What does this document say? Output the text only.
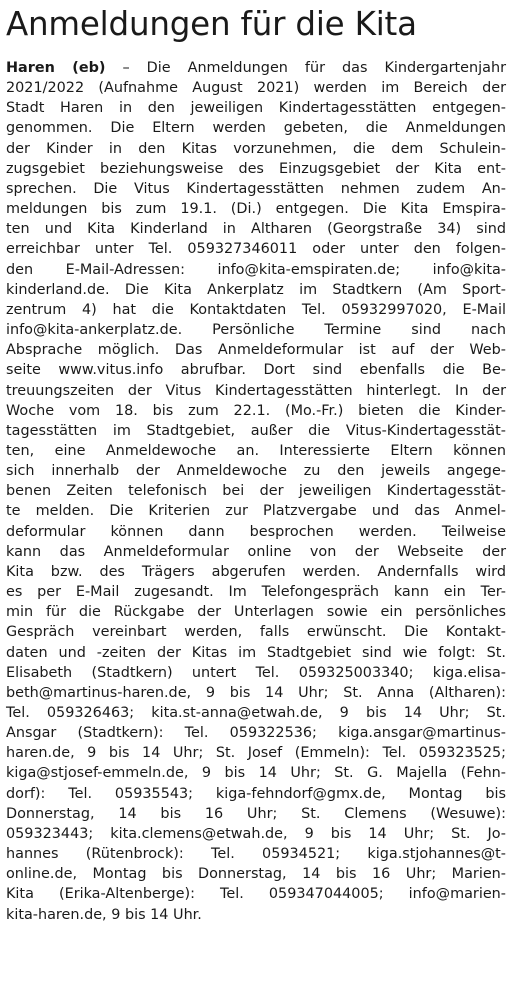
Anmeldungen für die Kita
Haren (eb) – Die Anmeldungen für das Kindergartenjahr
2021/2022 (Aufnahme August 2021) werden im Bereich der
Stadt Haren in den jeweiligen Kindertagesstätten entgegen-
genommen. Die Eltern werden gebeten, die Anmeldungen
der Kinder in den Kitas vorzunehmen, die dem Schulein-
zugsgebiet beziehungsweise des Einzugsgebiet der Kita ent-
sprechen. Die Vitus Kindertagesstätten nehmen zudem An-
meldungen bis zum 19.1. (Di.) entgegen. Die Kita Emspira-
ten und Kita Kinderland in Altharen (Georgstraße 34) sind
erreichbar unter Tel. 059327346011 oder unter den folgen-
den E-Mail-Adressen: info@kita-emspiraten.de; info@kita-
kinderland.de. Die Kita Ankerplatz im Stadtkern (Am Sport-
zentrum 4) hat die Kontaktdaten Tel. 05932997020, E-Mail
info@kita-ankerplatz.de. Persönliche Termine sind nach
Absprache möglich. Das Anmeldeformular ist auf der Web-
seite www.vitus.info abrufbar. Dort sind ebenfalls die Be-
treuungszeiten der Vitus Kindertagesstätten hinterlegt. In der
Woche vom 18. bis zum 22.1. (Mo.-Fr.) bieten die Kinder-
tagesstätten im Stadtgebiet, außer die Vitus-Kindertagesstät-
ten, eine Anmeldewoche an. Interessierte Eltern können
sich innerhalb der Anmeldewoche zu den jeweils angege-
benen Zeiten telefonisch bei der jeweiligen Kindertagesstät-
te melden. Die Kriterien zur Platzvergabe und das Anmel-
deformular können dann besprochen werden. Teilweise
kann das Anmeldeformular online von der Webseite der
Kita bzw. des Trägers abgerufen werden. Andernfalls wird
es per E-Mail zugesandt. Im Telefongespräch kann ein Ter-
min für die Rückgabe der Unterlagen sowie ein persönliches
Gespräch vereinbart werden, falls erwünscht. Die Kontakt-
daten und -zeiten der Kitas im Stadtgebiet sind wie folgt: St.
Elisabeth (Stadtkern) untert Tel. 059325003340; kiga.elisa-
beth@martinus-haren.de, 9 bis 14 Uhr; St. Anna (Altharen):
Tel. 059326463; kita.st-anna@etwah.de, 9 bis 14 Uhr; St.
Ansgar (Stadtkern): Tel. 059322536; kiga.ansgar@martinus-
haren.de, 9 bis 14 Uhr; St. Josef (Emmeln): Tel. 059323525;
kiga@stjosef-emmeln.de, 9 bis 14 Uhr; St. G. Majella (Fehn-
dorf): Tel. 05935543; kiga-fehndorf@gmx.de, Montag bis
Donnerstag, 14 bis 16 Uhr; St. Clemens (Wesuwe):
059323443; kita.clemens@etwah.de, 9 bis 14 Uhr; St. Jo-
hannes (Rütenbrock): Tel. 05934521; kiga.stjohannes@t-
online.de, Montag bis Donnerstag, 14 bis 16 Uhr; Marien-
Kita (Erika-Altenberge): Tel. 059347044005; info@marien-
kita-haren.de, 9 bis 14 Uhr.
